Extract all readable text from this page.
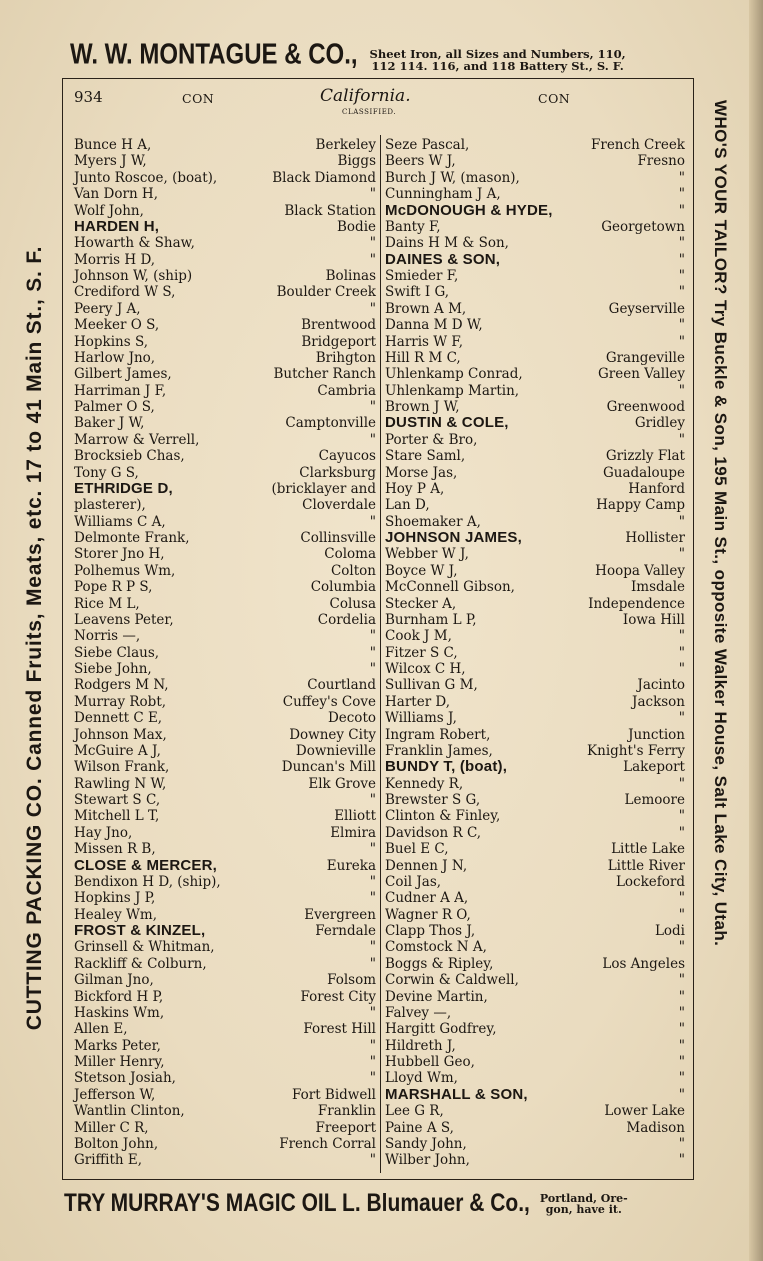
W. W. MONTAGUE & CO., Sheet Iron, all Sizes and Numbers, 110,
112 114. 116, and 118 Battery St., S. F.
934	CON	California.
CLASSIFIED.
CON
Bunce H A,	Berkeley
Myers J W,	Biggs
Junto Roscoe, (boat),	Black Diamond
Van Dorn H,	"
Wolf John,	Black Station
HARDEN H,	Bodie
Howarth & Shaw,	"
Morris H D,	"
Johnson W, (ship)	Bolinas
Crediford W S,	Boulder Creek
Peery J A,	"
Meeker O S,	Brentwood
Hopkins S,	Bridgeport
Harlow Jno,	Brihgton
Gilbert James,	Butcher Ranch
Harriman J F,	Cambria
Palmer O S,	"
Baker J W,	Camptonville
Marrow & Verrell,	"
Brocksieb Chas,	Cayucos
Tony G S,	Clarksburg
ETHRIDGE D,	(bricklayer and
plasterer),	Cloverdale
Williams C A,	"
Delmonte Frank,	Collinsville
Storer Jno H,	Coloma
Polhemus Wm,	Colton
Pope R P S,	Columbia
Rice M L,	Colusa
Leavens Peter,	Cordelia
Norris —,	"
Siebe Claus,	"
Siebe John,	"
Rodgers M N,	Courtland
Murray Robt,	Cuffey's Cove
Dennett C E,	Decoto
Johnson Max,	Downey City
McGuire A J,	Downieville
Wilson Frank,	Duncan's Mill
Rawling N W,	Elk Grove
Stewart S C,	"
Mitchell L T,	Elliott
Hay Jno,	Elmira
Missen R B,	"
CLOSE & MERCER,	Eureka
Bendixon H D, (ship),	"
Hopkins J P,	"
Healey Wm,	Evergreen
FROST & KINZEL,	Ferndale
Grinsell & Whitman,	"
Rackliff & Colburn,	"
Gilman Jno,	Folsom
Bickford H P,	Forest City
Haskins Wm,	"
Allen E,	Forest Hill
Marks Peter,	"
Miller Henry,	"
Stetson Josiah,	"
Jefferson W,	Fort Bidwell
Wantlin Clinton,	Franklin
Miller C R,	Freeport
Bolton John,	French Corral
Griffith E,	"
Seze Pascal,	French Creek
Beers W J,	Fresno
Burch J W, (mason),	"
Cunningham J A,	"
McDONOUGH & HYDE,	"
Banty F,	Georgetown
Dains H M & Son,	"
DAINES & SON,	"
Smieder F,	"
Swift I G,	"
Brown A M,	Geyserville
Danna M D W,	"
Harris W F,	"
Hill R M C,	Grangeville
Uhlenkamp Conrad,	Green Valley
Uhlenkamp Martin,	"
Brown J W,	Greenwood
DUSTIN & COLE,	Gridley
Porter & Bro,	"
Stare Saml,	Grizzly Flat
Morse Jas,	Guadaloupe
Hoy P A,	Hanford
Lan D,	Happy Camp
Shoemaker A,	"
JOHNSON JAMES,	Hollister
Webber W J,	"
Boyce W J,	Hoopa Valley
McConnell Gibson,	Imsdale
Stecker A,	Independence
Burnham L P,	Iowa Hill
Cook J M,	"
Fitzer S C,	"
Wilcox C H,	"
Sullivan G M,	Jacinto
Harter D,	Jackson
Williams J,	"
Ingram Robert,	Junction
Franklin James,	Knight's Ferry
BUNDY T, (boat),	Lakeport
Kennedy R,	"
Brewster S G,	Lemoore
Clinton & Finley,	"
Davidson R C,	"
Buel E C,	Little Lake
Dennen J N,	Little River
Coil Jas,	Lockeford
Cudner A A,	"
Wagner R O,	"
Clapp Thos J,	Lodi
Comstock N A,	"
Boggs & Ripley,	Los Angeles
Corwin & Caldwell,	"
Devine Martin,	"
Falvey —,	"
Hargitt Godfrey,	"
Hildreth J,	"
Hubbell Geo,	"
Lloyd Wm,	"
MARSHALL & SON,	"
Lee G R,	Lower Lake
Paine A S,	Madison
Sandy John,	"
Wilber John,	"
CUTTING PACKING CO. Canned Fruits, Meats, etc. 17 to 41 Main St., S. F.	WHO'S YOUR TAILOR? Try Buckle & Son, 195 Main St., opposite Walker House, Salt Lake City, Utah.
TRY MURRAY'S MAGIC OIL L. Blumauer & Co., Portland, Ore-
gon, have it.
